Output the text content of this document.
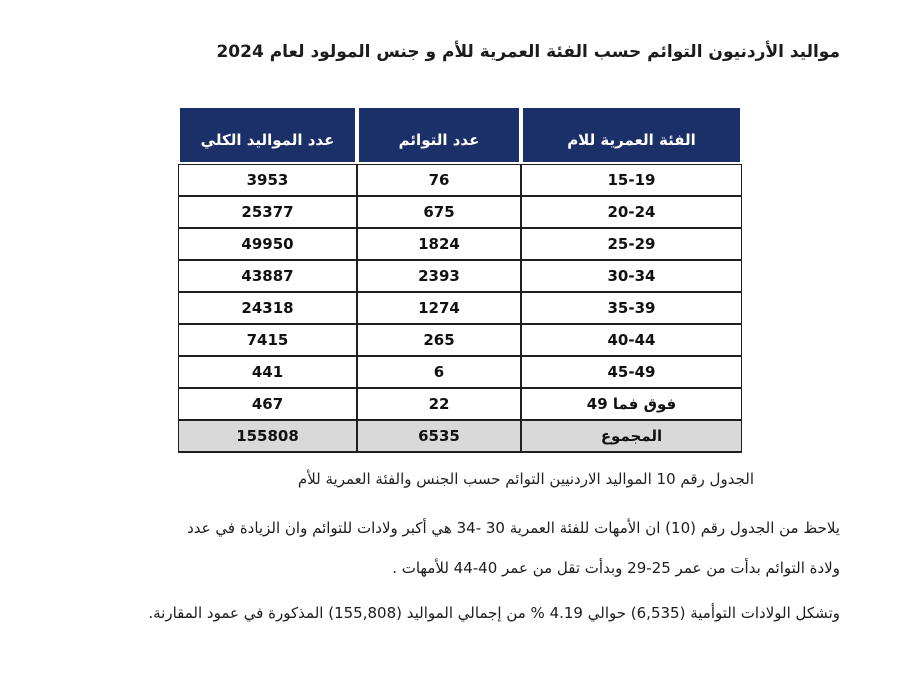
مواليد الأردنيون التوائم حسب الفئة العمرية للأم و جنس المولود لعام 2024
الفئة العمرية للام	عدد التوائم	عدد المواليد الكلي
15-19	76	3953
20-24	675	25377
25-29	1824	49950
30-34	2393	43887
35-39	1274	24318
40-44	265	7415
45-49	6	441
فوق فما 49	22	467
المجموع	6535	155808

الجدول رقم 10 المواليد الاردنيين التوائم حسب الجنس والفئة العمرية للأم

يلاحظ من الجدول رقم (10) ان الأمهات للفئة العمرية 30 -34 هي أكبر ولادات للتوائم وان الزيادة في عدد

ولادة التوائم بدأت من عمر 25-29 وبدأت تقل من عمر 40-44 للأمهات .

وتشكل الولادات التوأمية (6,535) حوالي 4.19 % من إجمالي المواليد (155,808) المذكورة في عمود المقارنة.
